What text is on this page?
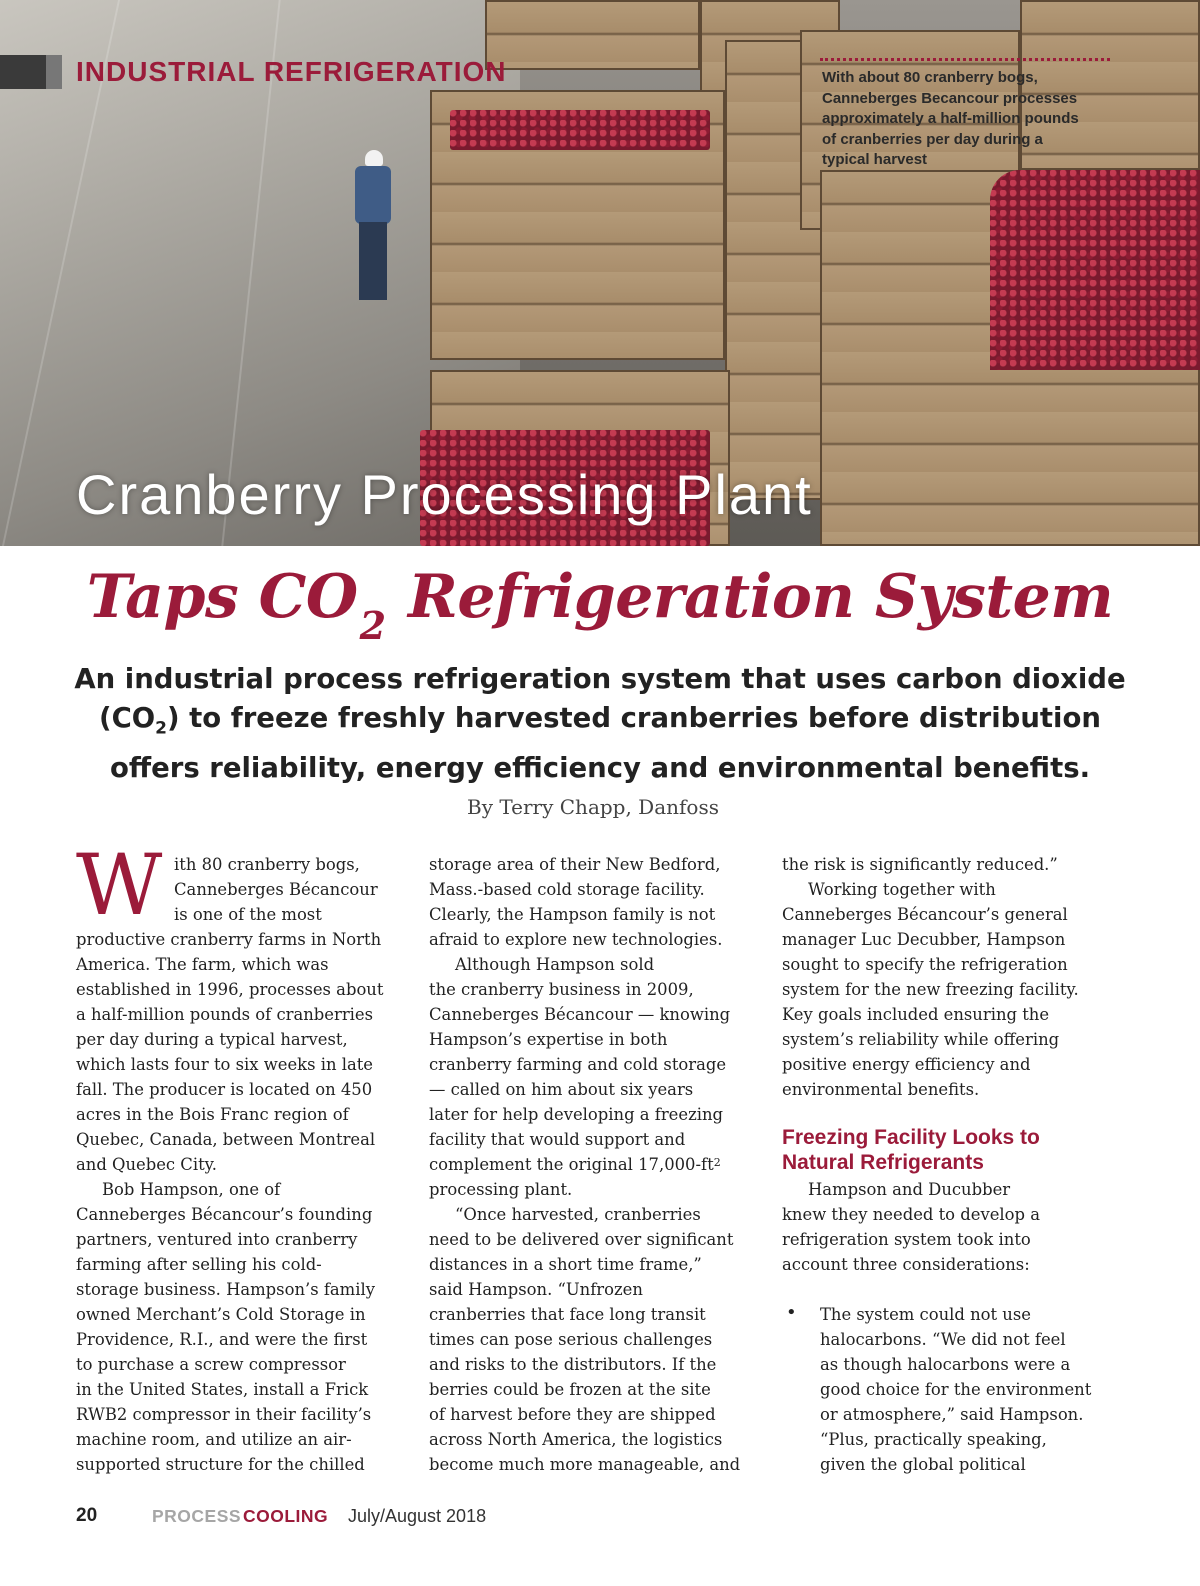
INDUSTRIAL REFRIGERATION	With about 80 cranberry bogs,
Canneberges Becancour processes
approximately a half-million pounds
of cranberries per day during a
typical harvest
Cranberry Processing Plant
Taps $CO_2$ Refrigeration System
An industrial process refrigeration system that uses carbon dioxide
$(CO_2)$ to freeze freshly harvested cranberries before distribution
offers reliability, energy efficiency and environmental benefits.
By Terry Chapp, Danfoss
W ith 80 cranberry bogs,
Canneberges Bécancour
is one of the most
productive cranberry farms in North
America. The farm, which was
established in 1996, processes about
a half-million pounds of cranberries
per day during a typical harvest,
which lasts four to six weeks in late
fall. The producer is located on 450
acres in the Bois Franc region of
Quebec, Canada, between Montreal
and Quebec City.
Bob Hampson, one of
Canneberges Bécancour’s founding
partners, ventured into cranberry
farming after selling his cold-
storage business. Hampson’s family
owned Merchant’s Cold Storage in
Providence, R.I., and were the first
to purchase a screw compressor
in the United States, install a Frick
RWB2 compressor in their facility’s
machine room, and utilize an air-
supported structure for the chilled
storage area of their New Bedford,
Mass.-based cold storage facility.
Clearly, the Hampson family is not
afraid to explore new technologies.
Although Hampson sold
the cranberry business in 2009,
Canneberges Bécancour — knowing
Hampson’s expertise in both
cranberry farming and cold storage
— called on him about six years
later for help developing a freezing
facility that would support and
complement the original $17,000-ft^2$
processing plant.
“Once harvested, cranberries
need to be delivered over significant
distances in a short time frame,”
said Hampson. “Unfrozen
cranberries that face long transit
times can pose serious challenges
and risks to the distributors. If the
berries could be frozen at the site
of harvest before they are shipped
across North America, the logistics
become much more manageable, and
the risk is significantly reduced.”
Working together with
Canneberges Bécancour’s general
manager Luc Decubber, Hampson
sought to specify the refrigeration
system for the new freezing facility.
Key goals included ensuring the
system’s reliability while offering
positive energy efficiency and
environmental benefits.
Freezing Facility Looks to
Natural Refrigerants
Hampson and Ducubber
knew they needed to develop a
refrigeration system took into
account three considerations:
• The system could not use
halocarbons. “We did not feel
as though halocarbons were a
good choice for the environment
or atmosphere,” said Hampson.
“Plus, practically speaking,
given the global political
20	PROCESS COOLING July/August 2018
